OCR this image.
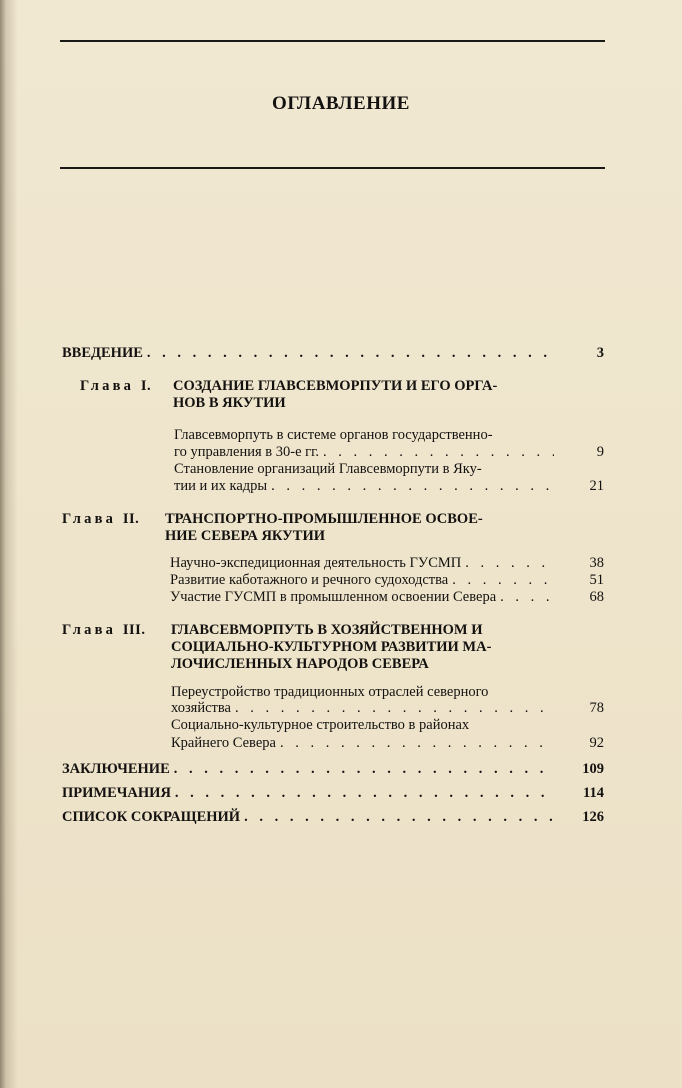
ОГЛАВЛЕНИЕ
ВВЕДЕНИЕ . . .	3
Глава I. СОЗДАНИЕ ГЛАВСЕВМОРПУТИ И ЕГО ОРГА-
НОВ В ЯКУТИИ
Главсевморпуть в системе органов государственно-
го управления в 30-е гг. . . .	9
Становление организаций Главсевморпути в Яку-
тии и их кадры . . .	21
Глава II. ТРАНСПОРТНО-ПРОМЫШЛЕННОЕ ОСВОЕ-
НИЕ СЕВЕРА ЯКУТИИ
Научно-экспедиционная деятельность ГУСМП . . .	38
Развитие каботажного и речного судоходства . . .	51
Участие ГУСМП в промышленном освоении Севера . . .	68
Глава III. ГЛАВСЕВМОРПУТЬ В ХОЗЯЙСТВЕННОМ И
СОЦИАЛЬНО-КУЛЬТУРНОМ РАЗВИТИИ МА-
ЛОЧИСЛЕННЫХ НАРОДОВ СЕВЕРА
Переустройство традиционных отраслей северного
хозяйства . . .	78
Социально-культурное строительство в районах
Крайнего Севера . . .	92
ЗАКЛЮЧЕНИЕ . . .	109
ПРИМЕЧАНИЯ . . .	114
СПИСОК СОКРАЩЕНИЙ . . .	126
